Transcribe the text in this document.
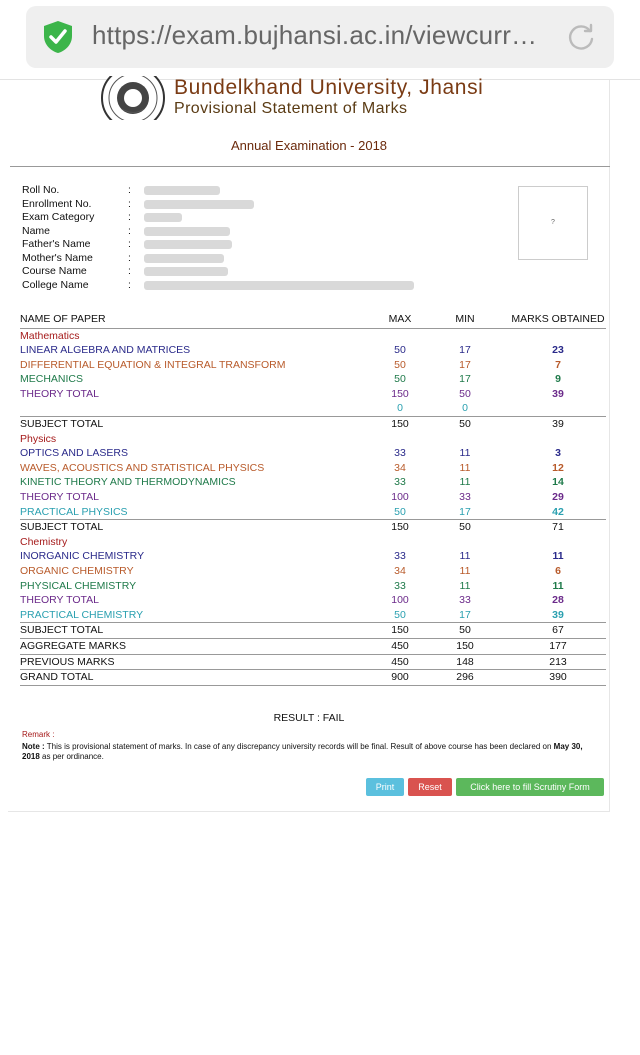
https://exam.bujhansi.ac.in/viewcurr…
Bundelkhand University, Jhansi
Provisional Statement of Marks
Annual Examination - 2018
Roll No.	:
Enrollment No.	:
Exam Category	:
Name	:
Father's Name	:
Mother's Name	:
Course Name	:
College Name	:
?
NAME OF PAPER	MAX	MIN	MARKS OBTAINED
Mathematics			
LINEAR ALGEBRA AND MATRICES	50	17	23
DIFFERENTIAL EQUATION & INTEGRAL TRANSFORM	50	17	7
MECHANICS	50	17	9
THEORY TOTAL	150	50	39
	0	0	
SUBJECT TOTAL	150	50	39
Physics			
OPTICS AND LASERS	33	11	3
WAVES, ACOUSTICS AND STATISTICAL PHYSICS	34	11	12
KINETIC THEORY AND THERMODYNAMICS	33	11	14
THEORY TOTAL	100	33	29
PRACTICAL PHYSICS	50	17	42
SUBJECT TOTAL	150	50	71
Chemistry			
INORGANIC CHEMISTRY	33	11	11
ORGANIC CHEMISTRY	34	11	6
PHYSICAL CHEMISTRY	33	11	11
THEORY TOTAL	100	33	28
PRACTICAL CHEMISTRY	50	17	39
SUBJECT TOTAL	150	50	67
AGGREGATE MARKS	450	150	177
PREVIOUS MARKS	450	148	213
GRAND TOTAL	900	296	390
RESULT : FAIL
Remark :
Note : This is provisional statement of marks. In case of any discrepancy university records will be final. Result of above course has been declared on May 30, 2018 as per ordinance.
Print	Reset	Click here to fill Scrutiny Form
